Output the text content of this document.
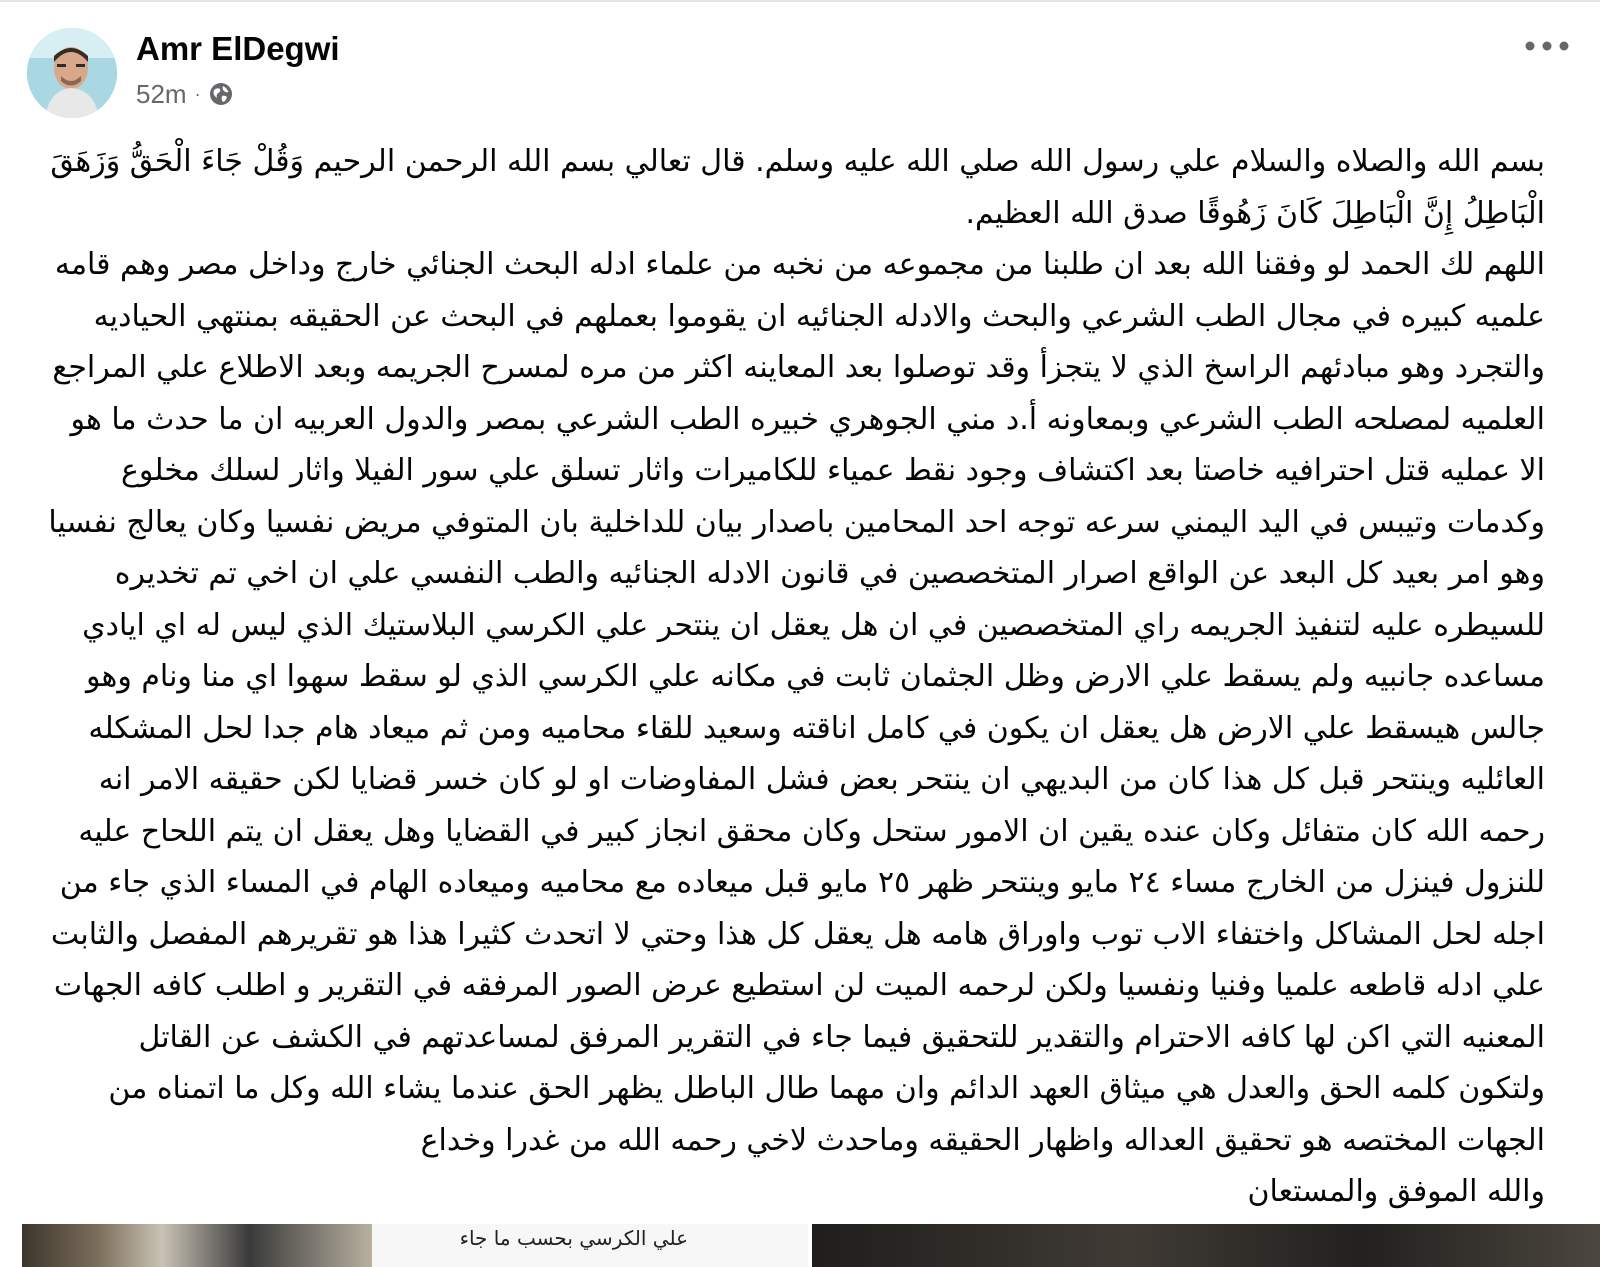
Amr ElDegwi
52m ·

بسم الله والصلاه والسلام علي رسول الله صلي الله عليه وسلم. قال تعالي بسم الله الرحمن الرحيم وَقُلْ جَاءَ الْحَقُّ وَزَهَقَ الْبَاطِلُ إِنَّ الْبَاطِلَ كَانَ زَهُوقًا صدق الله العظيم.

اللهم لك الحمد لو وفقنا الله بعد ان طلبنا من مجموعه من نخبه من علماء ادله البحث الجنائي خارج وداخل مصر وهم قامه علميه كبيره في مجال الطب الشرعي والبحث والادله الجنائيه ان يقوموا بعملهم في البحث عن الحقيقه بمنتهي الحياديه والتجرد وهو مبادئهم الراسخ الذي لا يتجزأ وقد توصلوا بعد المعاينه اكثر من مره لمسرح الجريمه وبعد الاطلاع علي المراجع العلميه لمصلحه الطب الشرعي وبمعاونه أ.د مني الجوهري خبيره الطب الشرعي بمصر والدول العربيه ان ما حدث ما هو الا عمليه قتل احترافيه خاصتا بعد اكتشاف وجود نقط عمياء للكاميرات واثار تسلق علي سور الفيلا واثار لسلك مخلوع وكدمات وتيبس في اليد اليمني سرعه توجه احد المحامين باصدار بيان للداخلية بان المتوفي مريض نفسيا وكان يعالج نفسيا وهو امر بعيد كل البعد عن الواقع اصرار المتخصصين في قانون الادله الجنائيه والطب النفسي علي ان اخي تم تخديره للسيطره عليه لتنفيذ الجريمه راي المتخصصين في ان هل يعقل ان ينتحر علي الكرسي البلاستيك الذي ليس له اي ايادي مساعده جانبيه ولم يسقط علي الارض وظل الجثمان ثابت في مكانه علي الكرسي الذي لو سقط سهوا اي منا ونام وهو جالس هيسقط علي الارض هل يعقل ان يكون في كامل اناقته وسعيد للقاء محاميه ومن ثم ميعاد هام جدا لحل المشكله العائليه وينتحر قبل كل هذا كان من البديهي ان ينتحر بعض فشل المفاوضات او لو كان خسر قضايا لكن حقيقه الامر انه رحمه الله كان متفائل وكان عنده يقين ان الامور ستحل وكان محقق انجاز كبير في القضايا وهل يعقل ان يتم اللحاح عليه للنزول فينزل من الخارج مساء ٢٤ مايو وينتحر ظهر ٢٥ مايو قبل ميعاده مع محاميه وميعاده الهام في المساء الذي جاء من اجله لحل المشاكل واختفاء الاب توب واوراق هامه هل يعقل كل هذا وحتي لا اتحدث كثيرا هذا هو تقريرهم المفصل والثابت علي ادله قاطعه علميا وفنيا ونفسيا ولكن لرحمه الميت لن استطيع عرض الصور المرفقه في التقرير و اطلب كافه الجهات المعنيه التي اكن لها كافه الاحترام والتقدير للتحقيق فيما جاء في التقرير المرفق لمساعدتهم في الكشف عن القاتل ولتكون كلمه الحق والعدل هي ميثاق العهد الدائم وان مهما طال الباطل يظهر الحق عندما يشاء الله وكل ما اتمناه من الجهات المختصه هو تحقيق العداله واظهار الحقيقه وماحدث لاخي رحمه الله من غدرا وخداع

والله الموفق والمستعان

علي الكرسي بحسب ما جاء
